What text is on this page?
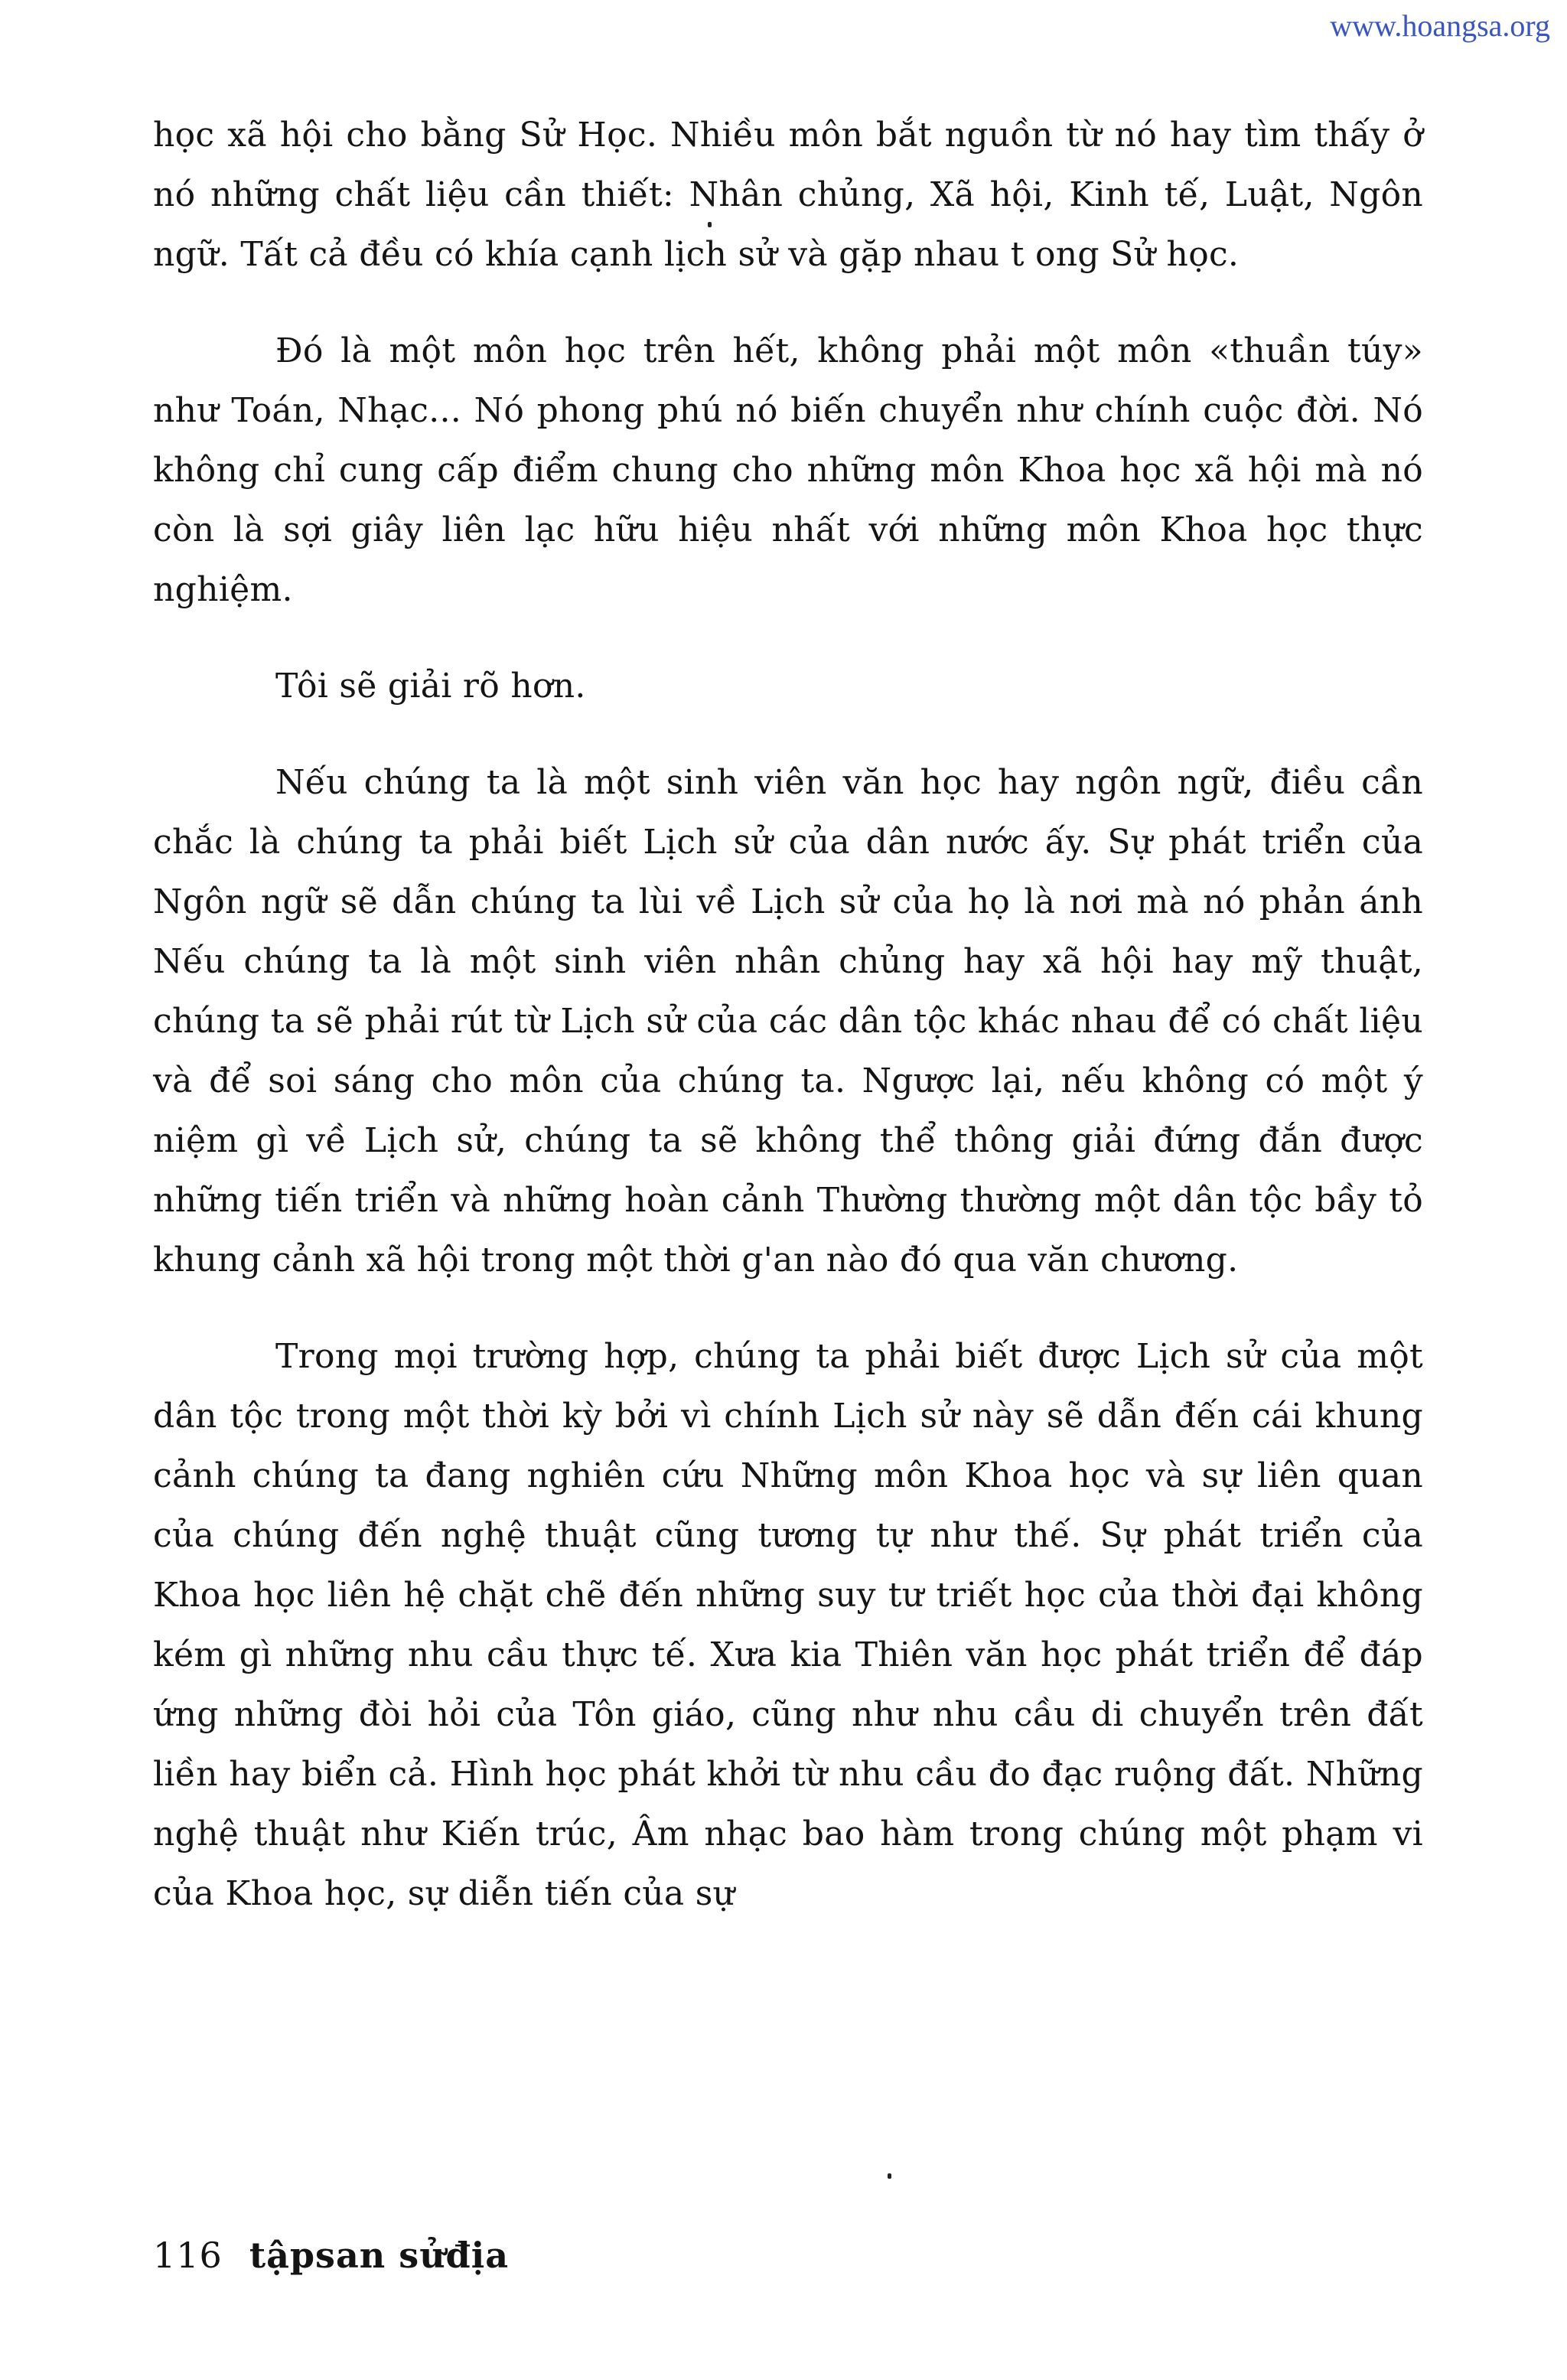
www.hoangsa.org

học xã hội cho bằng Sử Học. Nhiều môn bắt nguồn từ nó hay tìm thấy ở nó những chất liệu cần thiết: Nhân chủng, Xã hội, Kinh tế, Luật, Ngôn ngữ. Tất cả đều có khía cạnh lịch sử và gặp nhau t ong Sử học.

Đó là một môn học trên hết, không phải một môn «thuần túy» như Toán, Nhạc... Nó phong phú nó biến chuyển như chính cuộc đời. Nó không chỉ cung cấp điểm chung cho những môn Khoa học xã hội mà nó còn là sợi giây liên lạc hữu hiệu nhất với những môn Khoa học thực nghiệm.

Tôi sẽ giải rõ hơn.

Nếu chúng ta là một sinh viên văn học hay ngôn ngữ, điều cần chắc là chúng ta phải biết Lịch sử của dân nước ấy. Sự phát triển của Ngôn ngữ sẽ dẫn chúng ta lùi về Lịch sử của họ là nơi mà nó phản ánh Nếu chúng ta là một sinh viên nhân chủng hay xã hội hay mỹ thuật, chúng ta sẽ phải rút từ Lịch sử của các dân tộc khác nhau để có chất liệu và để soi sáng cho môn của chúng ta. Ngược lại, nếu không có một ý niệm gì về Lịch sử, chúng ta sẽ không thể thông giải đứng đắn được những tiến triển và những hoàn cảnh Thường thường một dân tộc bầy tỏ khung cảnh xã hội trong một thời g'an nào đó qua văn chương.

Trong mọi trường hợp, chúng ta phải biết được Lịch sử của một dân tộc trong một thời kỳ bởi vì chính Lịch sử này sẽ dẫn đến cái khung cảnh chúng ta đang nghiên cứu Những môn Khoa học và sự liên quan của chúng đến nghệ thuật cũng tương tự như thế. Sự phát triển của Khoa học liên hệ chặt chẽ đến những suy tư triết học của thời đại không kém gì những nhu cầu thực tế. Xưa kia Thiên văn học phát triển để đáp ứng những đòi hỏi của Tôn giáo, cũng như nhu cầu di chuyển trên đất liền hay biển cả. Hình học phát khởi từ nhu cầu đo đạc ruộng đất. Những nghệ thuật như Kiến trúc, Âm nhạc bao hàm trong chúng một phạm vi của Khoa học, sự diễn tiến của sự

116 tậpsan sửđịa
